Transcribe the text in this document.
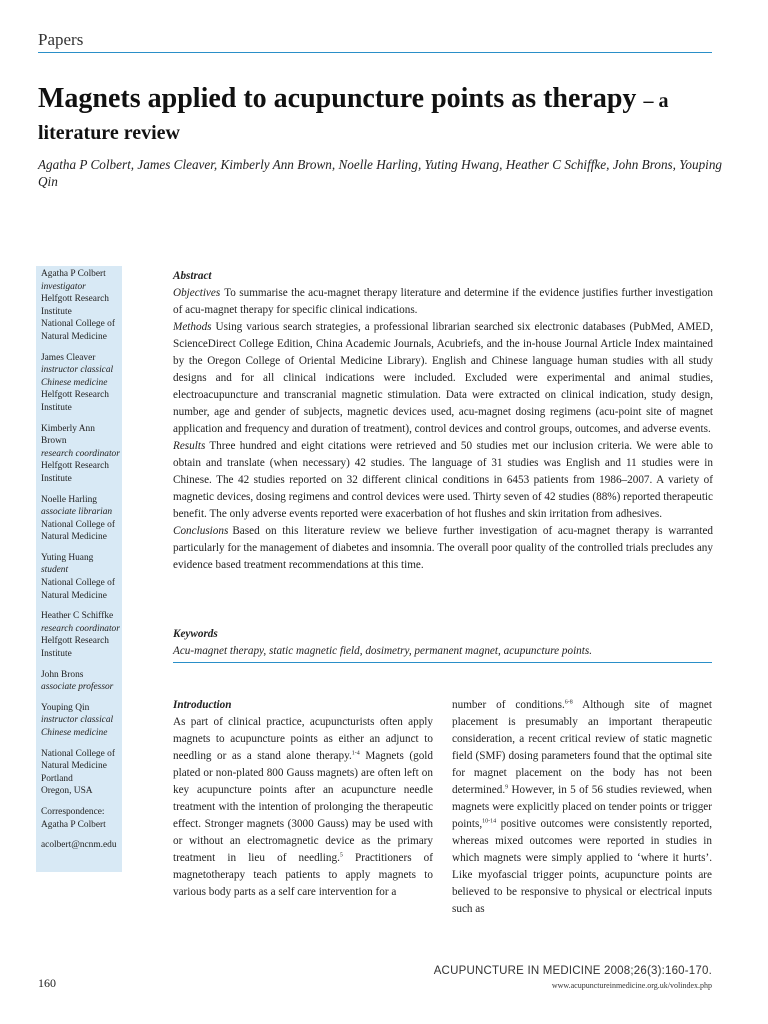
Papers
Magnets applied to acupuncture points as therapy – a literature review
Agatha P Colbert, James Cleaver, Kimberly Ann Brown, Noelle Harling, Yuting Hwang, Heather C Schiffke, John Brons, Youping Qin
Agatha P Colbert
investigator
Helfgott Research Institute
National College of Natural Medicine
James Cleaver
instructor classical Chinese medicine
Helfgott Research Institute
Kimberly Ann Brown
research coordinator
Helfgott Research Institute
Noelle Harling
associate librarian
National College of Natural Medicine
Yuting Huang
student
National College of Natural Medicine
Heather C Schiffke
research coordinator
Helfgott Research Institute
John Brons
associate professor
Youping Qin
instructor classical Chinese medicine
National College of
Natural Medicine
Portland
Oregon, USA
Correspondence:
Agatha P Colbert
acolbert@ncnm.edu
Abstract

Objectives To summarise the acu-magnet therapy literature and determine if the evidence justifies further investigation of acu-magnet therapy for specific clinical indications.

Methods Using various search strategies, a professional librarian searched six electronic databases (PubMed, AMED, ScienceDirect College Edition, China Academic Journals, Acubriefs, and the in-house Journal Article Index maintained by the Oregon College of Oriental Medicine Library). English and Chinese language human studies with all study designs and for all clinical indications were included. Excluded were experimental and animal studies, electroacupuncture and transcranial magnetic stimulation. Data were extracted on clinical indication, study design, number, age and gender of subjects, magnetic devices used, acu-magnet dosing regimens (acu-point site of magnet application and frequency and duration of treatment), control devices and control groups, outcomes, and adverse events.

Results Three hundred and eight citations were retrieved and 50 studies met our inclusion criteria. We were able to obtain and translate (when necessary) 42 studies. The language of 31 studies was English and 11 studies were in Chinese. The 42 studies reported on 32 different clinical conditions in 6453 patients from 1986–2007. A variety of magnetic devices, dosing regimens and control devices were used. Thirty seven of 42 studies (88%) reported therapeutic benefit. The only adverse events reported were exacerbation of hot flushes and skin irritation from adhesives.

Conclusions Based on this literature review we believe further investigation of acu-magnet therapy is warranted particularly for the management of diabetes and insomnia. The overall poor quality of the controlled trials precludes any evidence based treatment recommendations at this time.

Keywords
Acu-magnet therapy, static magnetic field, dosimetry, permanent magnet, acupuncture points.
Introduction

As part of clinical practice, acupuncturists often apply magnets to acupuncture points as either an adjunct to needling or as a stand alone therapy.$^{1-4}$ Magnets (gold plated or non-plated 800 Gauss magnets) are often left on key acupuncture points after an acupuncture needle treatment with the intention of prolonging the therapeutic effect. Stronger magnets (3000 Gauss) may be used with or without an electromagnetic device as the primary treatment in lieu of needling.$^5$ Practitioners of magnetotherapy teach patients to apply magnets to various body parts as a self care intervention for a

number of conditions.$^{6-8}$ Although site of magnet placement is presumably an important therapeutic consideration, a recent critical review of static magnetic field (SMF) dosing parameters found that the optimal site for magnet placement on the body has not been determined.$^9$ However, in 5 of 56 studies reviewed, when magnets were explicitly placed on tender points or trigger points,$^{10-14}$ positive outcomes were consistently reported, whereas mixed outcomes were reported in studies in which magnets were simply applied to ‘where it hurts’. Like myofascial trigger points, acupuncture points are believed to be responsive to physical or electrical inputs such as

160
ACUPUNCTURE IN MEDICINE 2008;26(3):160-170.
www.acupunctureinmedicine.org.uk/volindex.php
